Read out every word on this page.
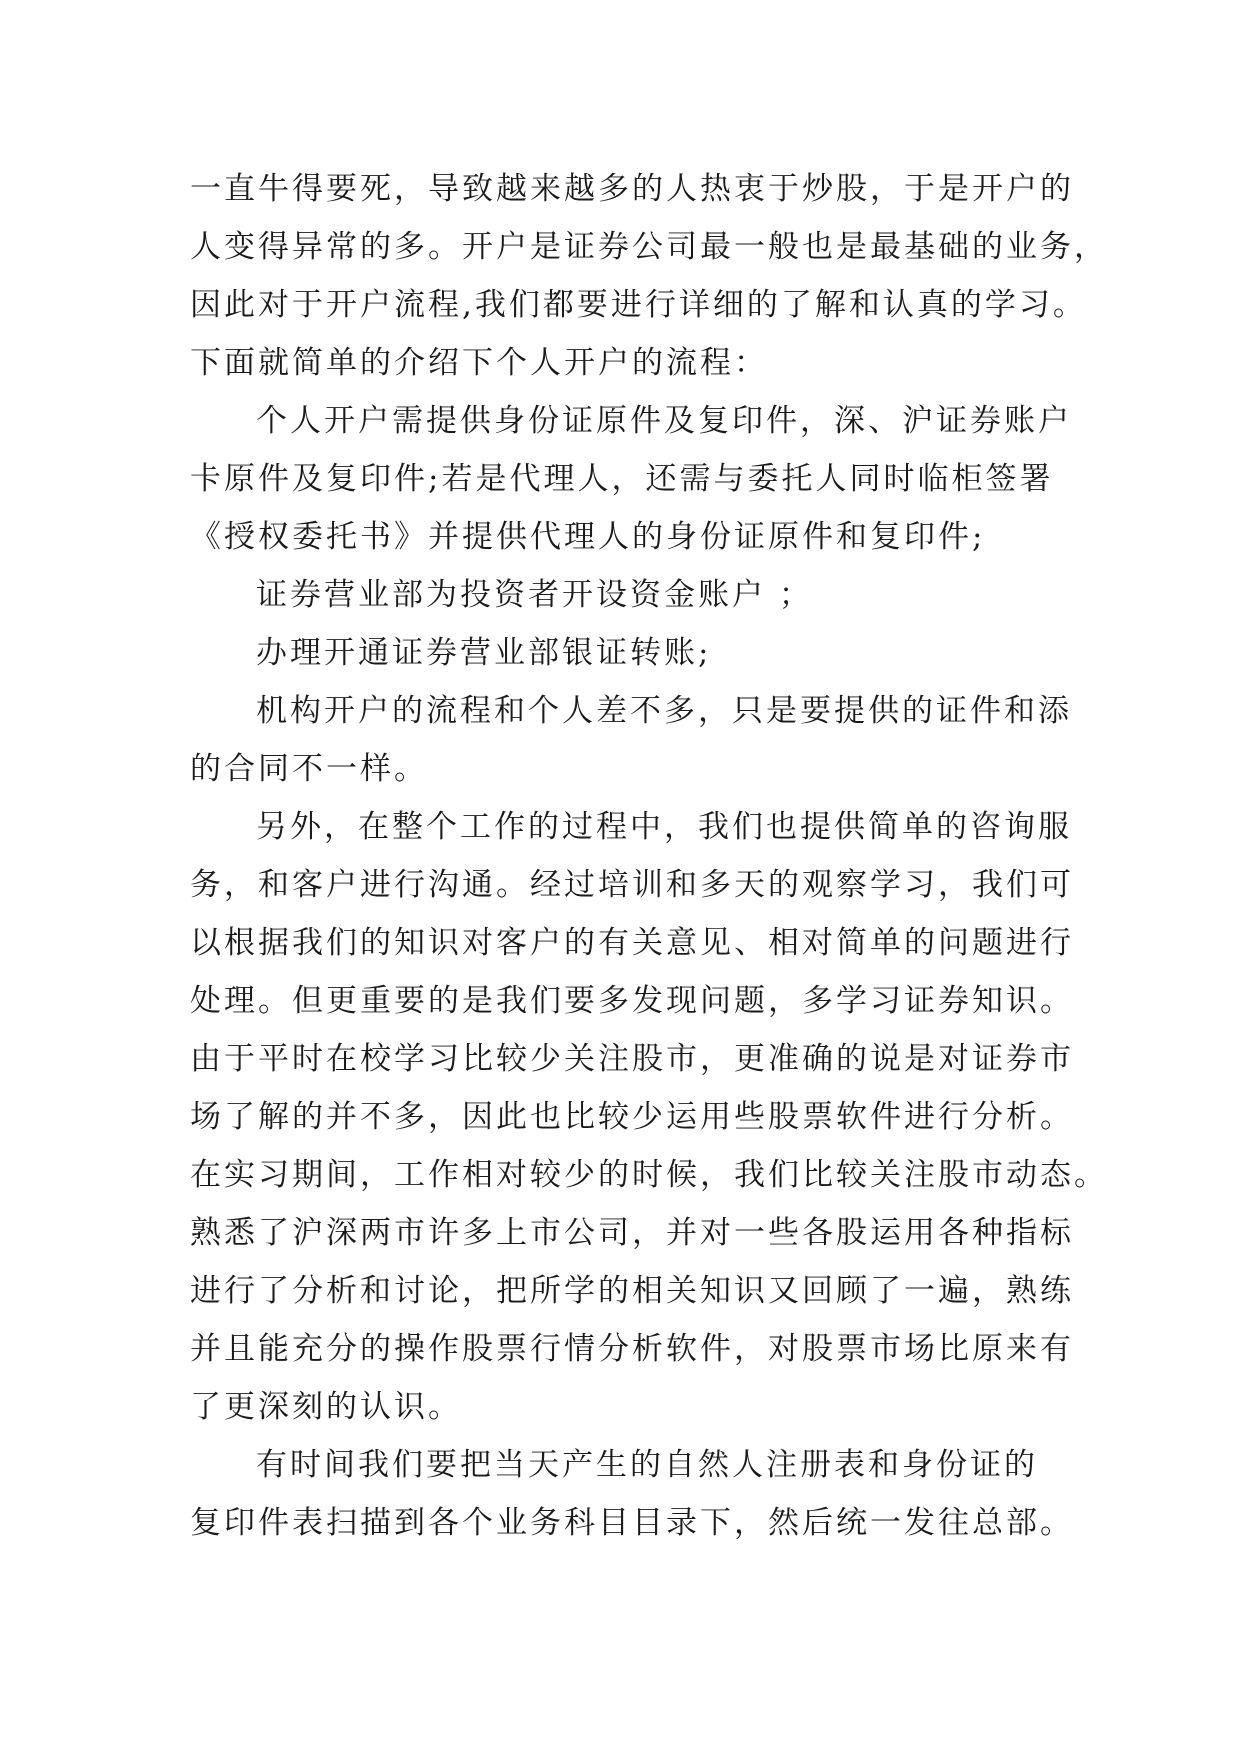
一直牛得要死，导致越来越多的人热衷于炒股，于是开户的
人变得异常的多。开户是证券公司最一般也是最基础的业务，
因此对于开户流程,我们都要进行详细的了解和认真的学习。
下面就简单的介绍下个人开户的流程：
个人开户需提供身份证原件及复印件，深、沪证券账户
卡原件及复印件;若是代理人，还需与委托人同时临柜签署
《授权委托书》并提供代理人的身份证原件和复印件;
证券营业部为投资者开设资金账户 ；
办理开通证券营业部银证转账;
机构开户的流程和个人差不多，只是要提供的证件和添
的合同不一样。
另外，在整个工作的过程中，我们也提供简单的咨询服
务，和客户进行沟通。经过培训和多天的观察学习，我们可
以根据我们的知识对客户的有关意见、相对简单的问题进行
处理。但更重要的是我们要多发现问题，多学习证券知识。
由于平时在校学习比较少关注股市，更准确的说是对证券市
场了解的并不多，因此也比较少运用些股票软件进行分析。
在实习期间，工作相对较少的时候，我们比较关注股市动态。
熟悉了沪深两市许多上市公司，并对一些各股运用各种指标
进行了分析和讨论，把所学的相关知识又回顾了一遍，熟练
并且能充分的操作股票行情分析软件，对股票市场比原来有
了更深刻的认识。
有时间我们要把当天产生的自然人注册表和身份证的
复印件表扫描到各个业务科目目录下，然后统一发往总部。
